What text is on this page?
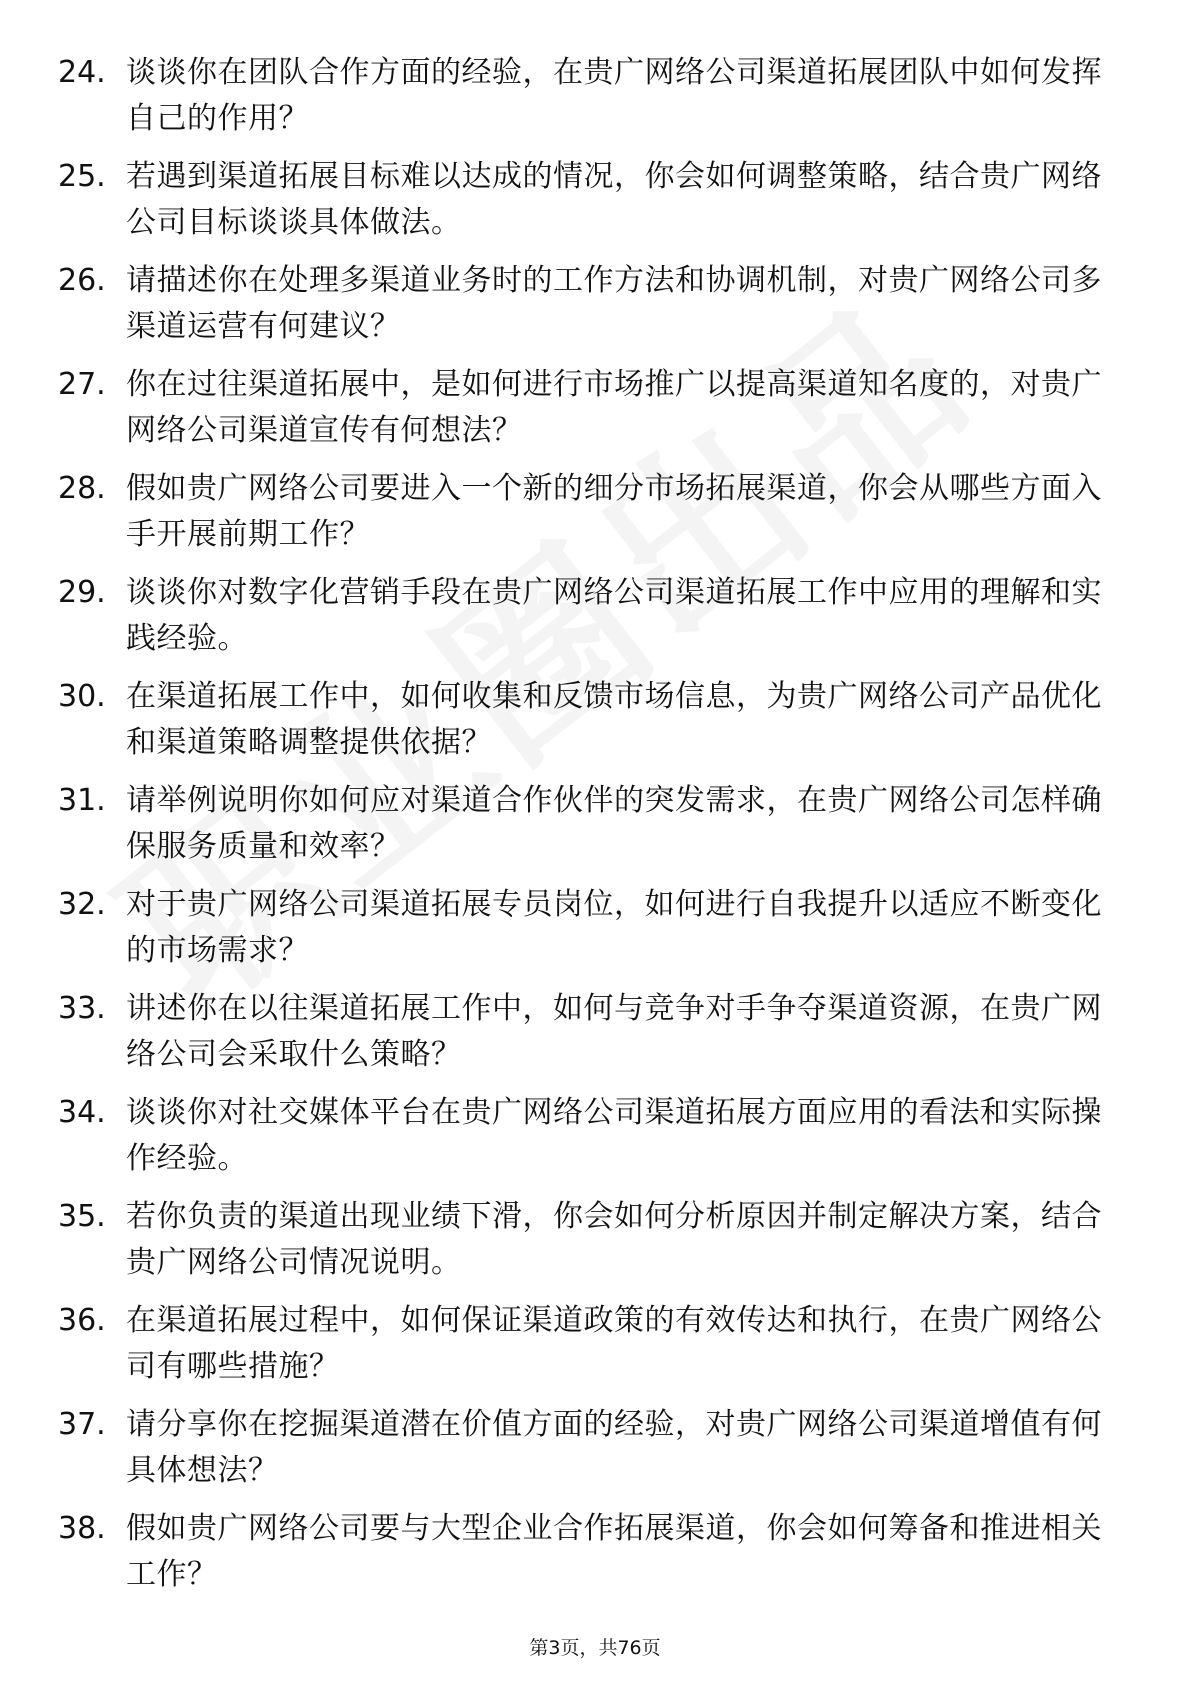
24. 谈谈你在团队合作方面的经验，在贵广网络公司渠道拓展团队中如何发挥自己的作用？
25. 若遇到渠道拓展目标难以达成的情况，你会如何调整策略，结合贵广网络公司目标谈谈具体做法。
26. 请描述你在处理多渠道业务时的工作方法和协调机制，对贵广网络公司多渠道运营有何建议？
27. 你在过往渠道拓展中，是如何进行市场推广以提高渠道知名度的，对贵广网络公司渠道宣传有何想法？
28. 假如贵广网络公司要进入一个新的细分市场拓展渠道，你会从哪些方面入手开展前期工作？
29. 谈谈你对数字化营销手段在贵广网络公司渠道拓展工作中应用的理解和实践经验。
30. 在渠道拓展工作中，如何收集和反馈市场信息，为贵广网络公司产品优化和渠道策略调整提供依据？
31. 请举例说明你如何应对渠道合作伙伴的突发需求，在贵广网络公司怎样确保服务质量和效率？
32. 对于贵广网络公司渠道拓展专员岗位，如何进行自我提升以适应不断变化的市场需求？
33. 讲述你在以往渠道拓展工作中，如何与竞争对手争夺渠道资源，在贵广网络公司会采取什么策略？
34. 谈谈你对社交媒体平台在贵广网络公司渠道拓展方面应用的看法和实际操作经验。
35. 若你负责的渠道出现业绩下滑，你会如何分析原因并制定解决方案，结合贵广网络公司情况说明。
36. 在渠道拓展过程中，如何保证渠道政策的有效传达和执行，在贵广网络公司有哪些措施？
37. 请分享你在挖掘渠道潜在价值方面的经验，对贵广网络公司渠道增值有何具体想法？
38. 假如贵广网络公司要与大型企业合作拓展渠道，你会如何筹备和推进相关工作？
第3页，共76页
